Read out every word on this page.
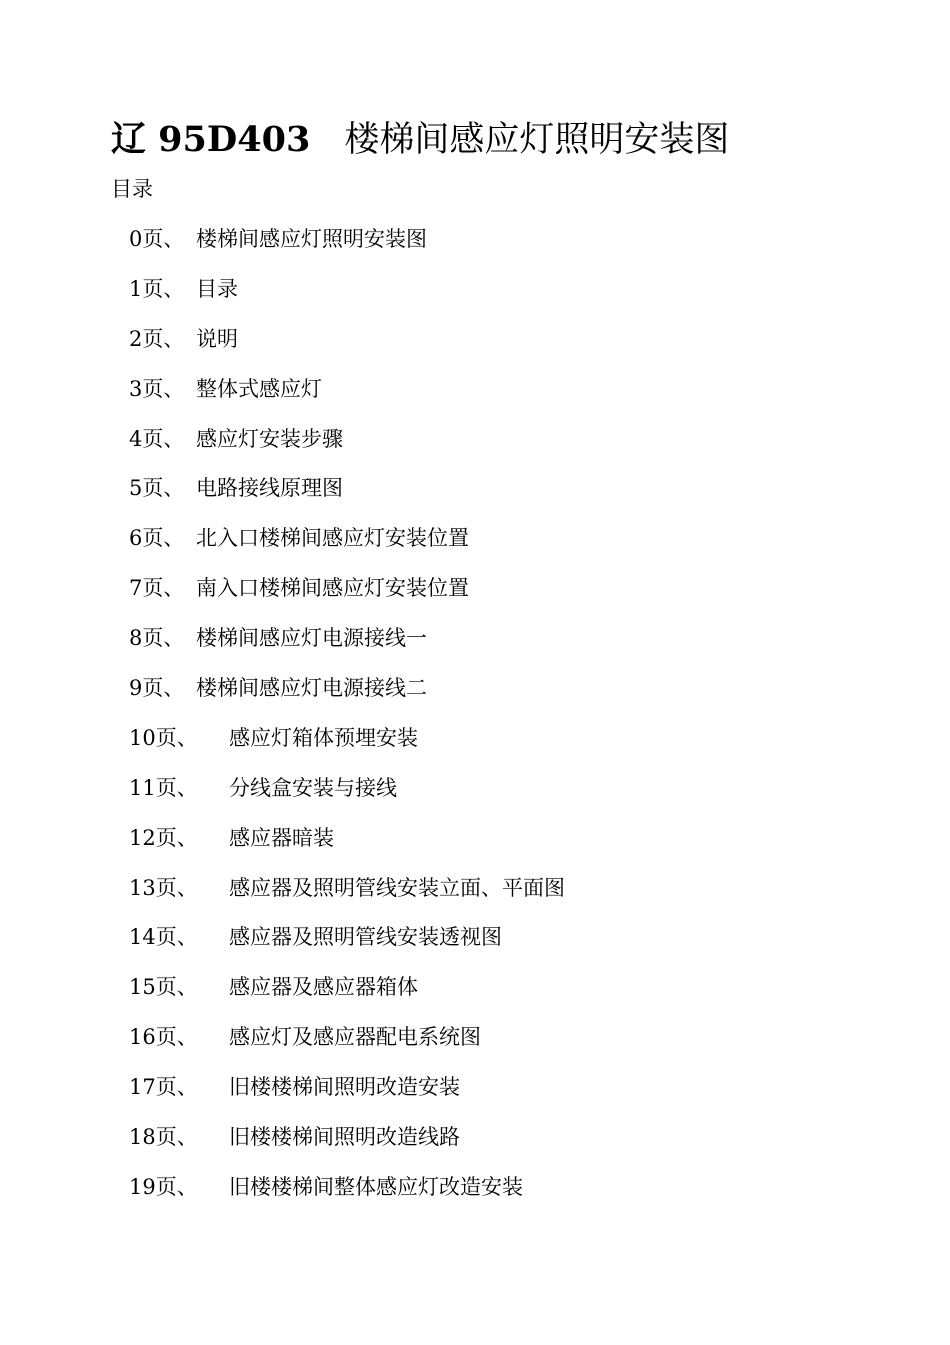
辽 95D403 楼梯间感应灯照明安装图
目录
0页、 楼梯间感应灯照明安装图
1页、 目录
2页、 说明
3页、 整体式感应灯
4页、 感应灯安装步骤
5页、 电路接线原理图
6页、 北入口楼梯间感应灯安装位置
7页、 南入口楼梯间感应灯安装位置
8页、 楼梯间感应灯电源接线一
9页、 楼梯间感应灯电源接线二
10页、	感应灯箱体预埋安装
11页、	分线盒安装与接线
12页、	感应器暗装
13页、	感应器及照明管线安装立面、平面图
14页、	感应器及照明管线安装透视图
15页、	感应器及感应器箱体
16页、	感应灯及感应器配电系统图
17页、	旧楼楼梯间照明改造安装
18页、	旧楼楼梯间照明改造线路
19页、	旧楼楼梯间整体感应灯改造安装
